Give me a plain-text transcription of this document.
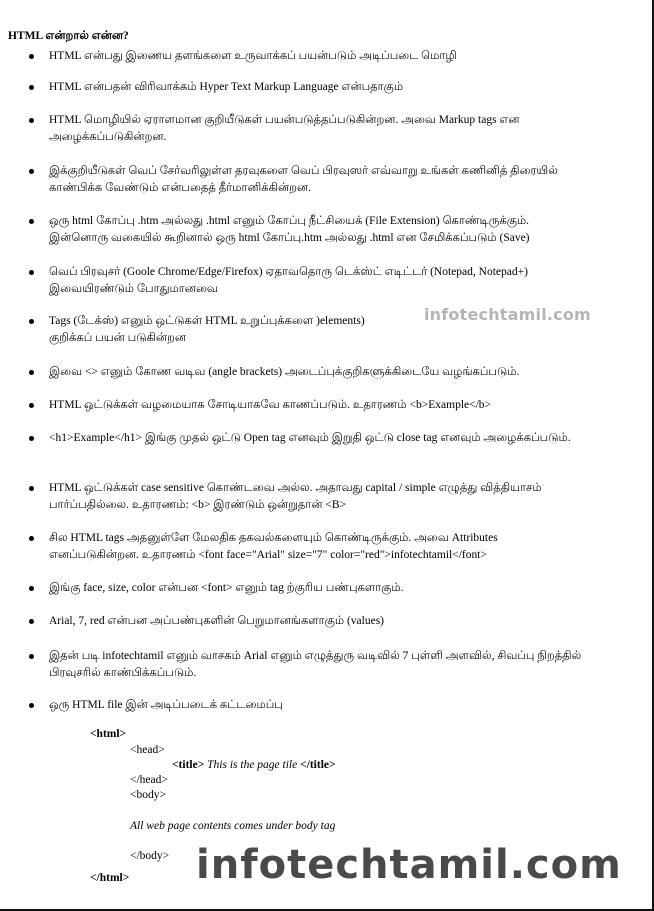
HTML என்றால் என்ன?
HTML என்பது இணைய தளங்களை உருவாக்கப் பயன்படும் அடிப்படை மொழி
HTML என்பதன் விரிவாக்கம் Hyper Text Markup Language என்பதாகும்
HTML மொழியில் ஏராளமான குறியீடுகள் பயன்படுத்தப்படுகின்றன. அவை Markup tags என அழைக்கப்படுகின்றன.
இக்குறியீடுகள் வெப் சேர்வரிலுள்ள தரவுகளை வெப் பிரவுஸர் எவ்வாறு உங்கள் கணினித் திரையில் காண்பிக்க வேண்டும் என்பதைத் தீர்மானிக்கின்றன.
ஒரு html கோப்பு .htm அல்லது .html எனும் கோப்பு நீட்சியைக் (File Extension) கொண்டிருக்கும். இன்னொரு வகையில் கூறினால் ஒரு html கோப்பு.htm அல்லது .html என சேமிக்கப்படும் (Save)
வெப் பிரவுசர் (Goole Chrome/Edge/Firefox) ஏதாவதொரு டெக்ஸ்ட் எடிட்டர் (Notepad, Notepad+) இவையிரண்டும் போதுமானவை
Tags (டேக்ஸ்) எனும் ஒட்டுகள் HTML உறுப்புக்களை )elements) குறிக்கப் பயன் படுகின்றன
இவை <> எனும் கோண வடிவ (angle brackets) அடைப்புக்குறிகளுக்கிடையே வழங்கப்படும்.
HTML ஒட்டுக்கள் வழமையாக சோடியாகவே காணப்படும். உதாரணம் <b>Example</b>
<h1>Example</h1> இங்கு முதல் ஒட்டு Open tag எனவும் இறுதி ஒட்டு close tag எனவும் அழைக்கப்படும்.
HTML ஒட்டுக்கள் case sensitive கொண்டவை அல்ல. அதாவது capital / simple எழுத்து வித்தியாசம் பார்ப்பதில்லை. உதாரணம்: <b> இரண்டும் ஒன்றுதான் <B>
சில HTML tags அதனுள்ளே மேலதிக தகவல்களையும் கொண்டிருக்கும். அவை Attributes எனப்படுகின்றன. உதாரணம் <font face="Arial" size="7" color="red">infotechtamil</font>
இங்கு face, size, color என்பன <font> எனும் tag ற்குரிய பண்புகளாகும்.
Arial, 7, red என்பன அப்பண்புகளின் பெறுமானங்களாகும் (values)
இதன் படி infotechtamil எனும் வாசகம் Arial எனும் எழுத்துரு வடிவில் 7 புள்ளி அளவில், சிவப்பு நிறத்தில் பிரவுசரில் காண்பிக்கப்படும்.
ஒரு HTML file இன் அடிப்படைக் கட்டமைப்பு
<html>
<head>
<title> This is the page tile </title>
</head>
<body>
All web page contents comes under body tag
</body>
</html>
infotechtamil.com
infotechtamil.com
